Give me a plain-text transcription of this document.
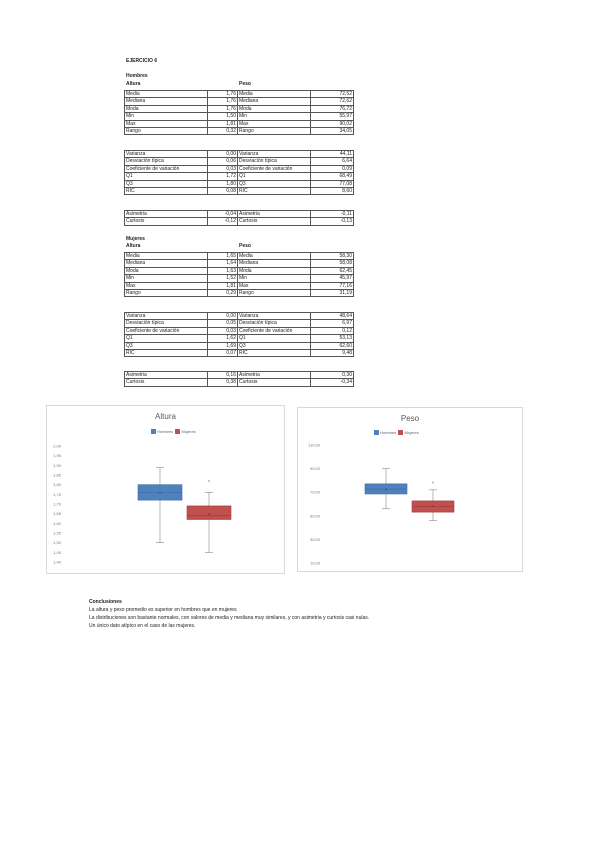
EJERCICIO 6
Hombres
Altura	Peso
Media	1,76	Media	72,52
Mediana	1,76	Mediana	72,62
Moda	1,76	Moda	76,72
Min	1,50	Min	55,97
Max	1,81	Max	90,02
Rango	0,32	Rango	34,05
Varianza	0,00	Varianza	44,11
Desviación típica	0,06	Desviación típica	6,64
Coeficiente de variación	0,03	Coeficiente de variación	0,09
Q1	1,72	Q1	68,49
Q3	1,80	Q3	77,08
RIC	0,08	RIC	8,60
Asimetria	-0,04	Asimetria	-0,11
Curtosis	-0,12	Curtosis	-0,13
Mujeres
Altura	Peso
Media	1,65	Media	58,30
Mediana	1,64	Mediana	58,08
Moda	1,63	Moda	62,45
Min	1,52	Min	45,97
Max	1,81	Max	77,16
Rango	0,29	Rango	31,19
Varianza	0,00	Varianza	48,64
Desviación típica	0,05	Desviación típica	6,97
Coeficiente de variación	0,03	Coeficiente de variación	0,12
Q1	1,62	Q1	53,13
Q3	1,69	Q3	62,60
RIC	0,07	RIC	9,48
Asimetria	0,16	Asimetria	0,30
Curtosis	0,38	Curtosis	-0,34
Altura
Hombres Mujeres
2,00
1,95
1,90
1,85
1,80
1,75
1,70
1,65
1,60
1,55
1,50
1,45
1,40
×
×
*
Peso
Hombres Mujeres
110,00
90,00
70,00
50,00
30,00
10,00
×
×
*
Conclusiones
La altura y peso promedio es superior en hombres que en mujeres
La distribuciones son bastante normales, con valores de media y mediana muy similares, y con asimetria y curtosis casi nulas.
Un único dato atípico en el caso de las mujeres.
